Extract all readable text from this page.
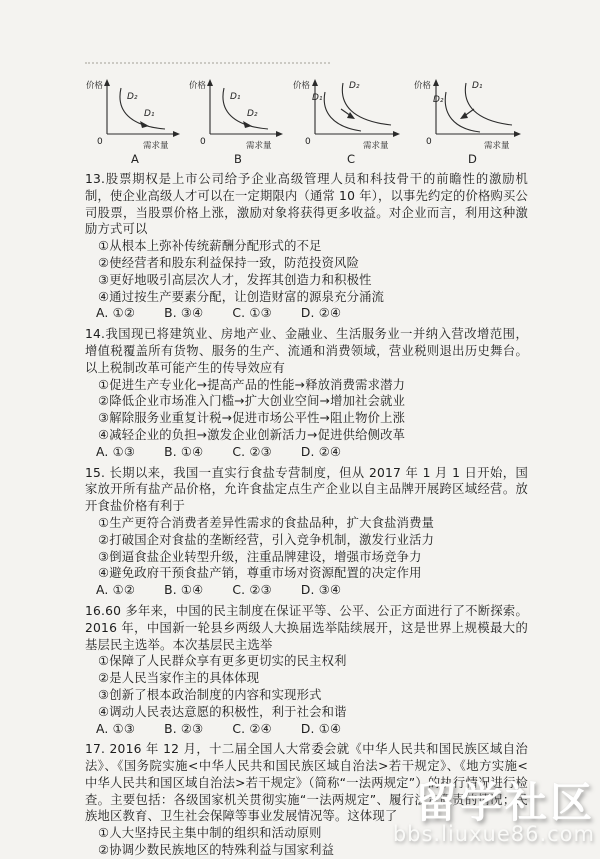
价格
需求量
0
D₂
D₁
A
价格
需求量
0
D₁
D₂
B
价格
需求量
0
D₁
D₂
C
价格
需求量
0
D₂
D₁
D
13.股票期权是上市公司给予企业高级管理人员和科技骨干的前瞻性的激励机制，使企业高级人才可以在一定期限内（通常 10 年），以事先约定的价格购买公司股票，当股票价格上涨，激励对象将获得更多收益。对企业而言，利用这种激励方式可以
①从根本上弥补传统薪酬分配形式的不足
②使经营者和股东利益保持一致，防范投资风险
③更好地吸引高层次人才，发挥其创造力和积极性
④通过按生产要素分配，让创造财富的源泉充分涌流
A. ①② B. ③④ C. ①③ D. ②④
14.我国现已将建筑业、房地产业、金融业、生活服务业一并纳入营改增范围，增值税覆盖所有货物、服务的生产、流通和消费领域，营业税则退出历史舞台。以上税制改革可能产生的传导效应有
①促进生产专业化→提高产品的性能→释放消费需求潜力
②降低企业市场准入门槛→扩大创业空间→增加社会就业
③解除服务业重复计税→促进市场公平性→阻止物价上涨
④减轻企业的负担→激发企业创新活力→促进供给侧改革
A. ①③ B. ①④ C. ②③ D. ②④
15. 长期以来，我国一直实行食盐专营制度，但从 2017 年 1 月 1 日开始，国家放开所有盐产品价格，允许食盐定点生产企业以自主品牌开展跨区域经营。放开食盐价格有利于
①生产更符合消费者差异性需求的食盐品种，扩大食盐消费量
②打破国企对食盐的垄断经营，引入竞争机制，激发行业活力
③倒逼食盐企业转型升级，注重品牌建设，增强市场竞争力
④避免政府干预食盐产销，尊重市场对资源配置的决定作用
A. ①② B. ①④ C. ②③ D. ③④
16.60 多年来，中国的民主制度在保证平等、公平、公正方面进行了不断探索。2016 年，中国新一轮县乡两级人大换届选举陆续展开，这是世界上规模最大的基层民主选举。本次基层民主选举
①保障了人民群众享有更多更切实的民主权利
②是人民当家作主的具体体现
③创新了根本政治制度的内容和实现形式
④调动人民表达意愿的积极性，利于社会和谐
A. ①③ B. ②③ C. ②④ D. ①④
17. 2016 年 12 月，十二届全国人大常委会就《中华人民共和国民族区域自治法》、《国务院实施<中华人民共和国民族区域自治法>若干规定》、《地方实施<中华人民共和国区域自治法>若干规定》（简称“一法两规定”）的执行情况进行检查。主要包括：各级国家机关贯彻实施“一法两规定”、履行法定职责的情况；民族地区教育、卫生社会保障等事业发展情况等。这体现了
①人大坚持民主集中制的组织和活动原则
②协调少数民族地区的特殊利益与国家利益
留学社区
bbs.liuxue86.com
